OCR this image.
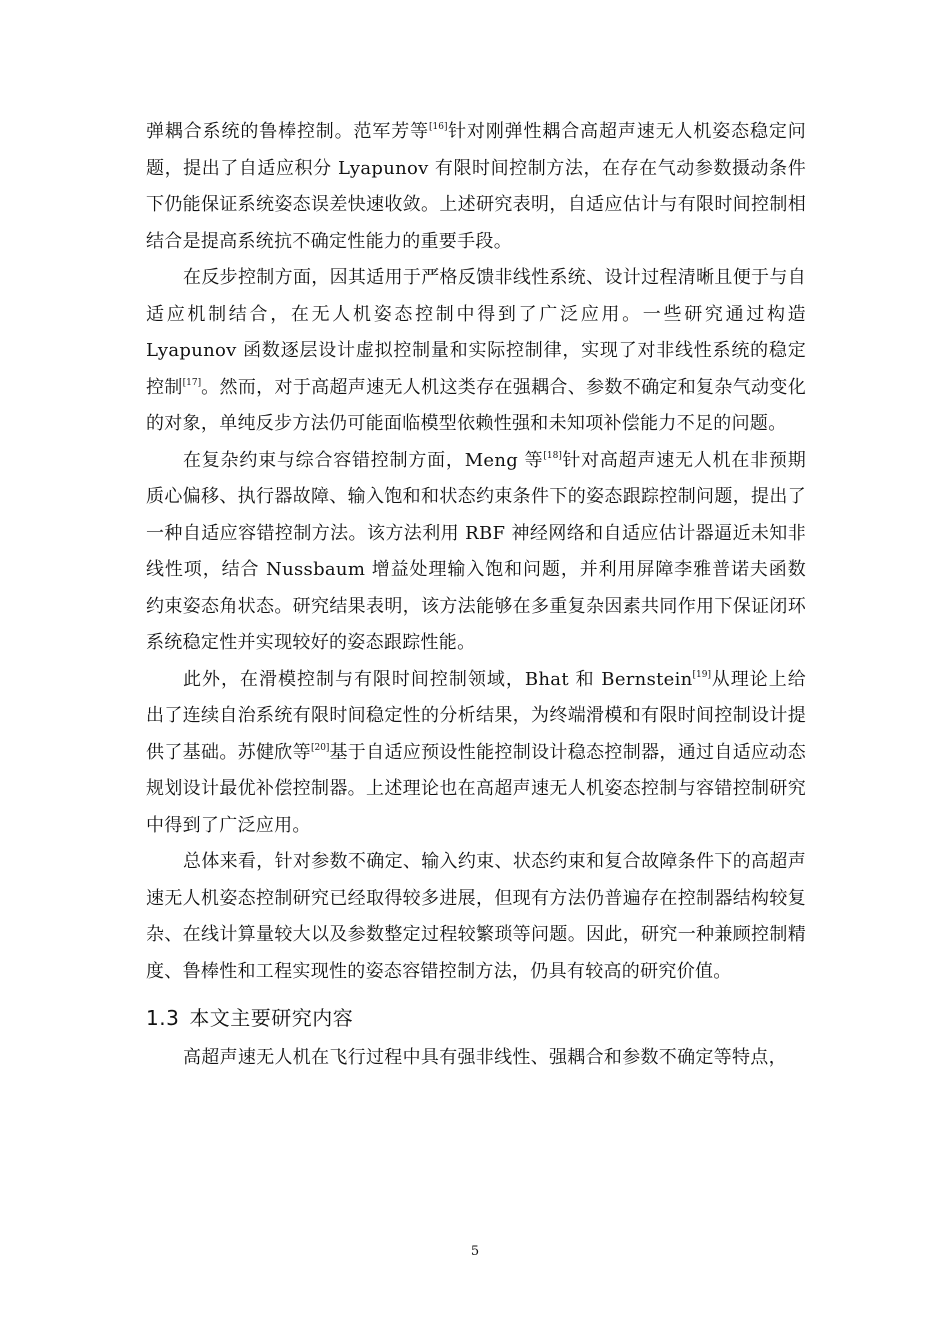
弹耦合系统的鲁棒控制。范军芳等[16]针对刚弹性耦合高超声速无人机姿态稳定问题，提出了自适应积分 Lyapunov 有限时间控制方法，在存在气动参数摄动条件下仍能保证系统姿态误差快速收敛。上述研究表明，自适应估计与有限时间控制相结合是提高系统抗不确定性能力的重要手段。

在反步控制方面，因其适用于严格反馈非线性系统、设计过程清晰且便于与自适应机制结合，在无人机姿态控制中得到了广泛应用。一些研究通过构造 Lyapunov 函数逐层设计虚拟控制量和实际控制律，实现了对非线性系统的稳定控制[17]。然而，对于高超声速无人机这类存在强耦合、参数不确定和复杂气动变化的对象，单纯反步方法仍可能面临模型依赖性强和未知项补偿能力不足的问题。

在复杂约束与综合容错控制方面，Meng 等[18]针对高超声速无人机在非预期质心偏移、执行器故障、输入饱和和状态约束条件下的姿态跟踪控制问题，提出了一种自适应容错控制方法。该方法利用 RBF 神经网络和自适应估计器逼近未知非线性项，结合 Nussbaum 增益处理输入饱和问题，并利用屏障李雅普诺夫函数约束姿态角状态。研究结果表明，该方法能够在多重复杂因素共同作用下保证闭环系统稳定性并实现较好的姿态跟踪性能。

此外，在滑模控制与有限时间控制领域，Bhat 和 Bernstein[19]从理论上给出了连续自治系统有限时间稳定性的分析结果，为终端滑模和有限时间控制设计提供了基础。苏健欣等[20]基于自适应预设性能控制设计稳态控制器，通过自适应动态规划设计最优补偿控制器。上述理论也在高超声速无人机姿态控制与容错控制研究中得到了广泛应用。

总体来看，针对参数不确定、输入约束、状态约束和复合故障条件下的高超声速无人机姿态控制研究已经取得较多进展，但现有方法仍普遍存在控制器结构较复杂、在线计算量较大以及参数整定过程较繁琐等问题。因此，研究一种兼顾控制精度、鲁棒性和工程实现性的姿态容错控制方法，仍具有较高的研究价值。

1.3 本文主要研究内容

高超声速无人机在飞行过程中具有强非线性、强耦合和参数不确定等特点，

5
